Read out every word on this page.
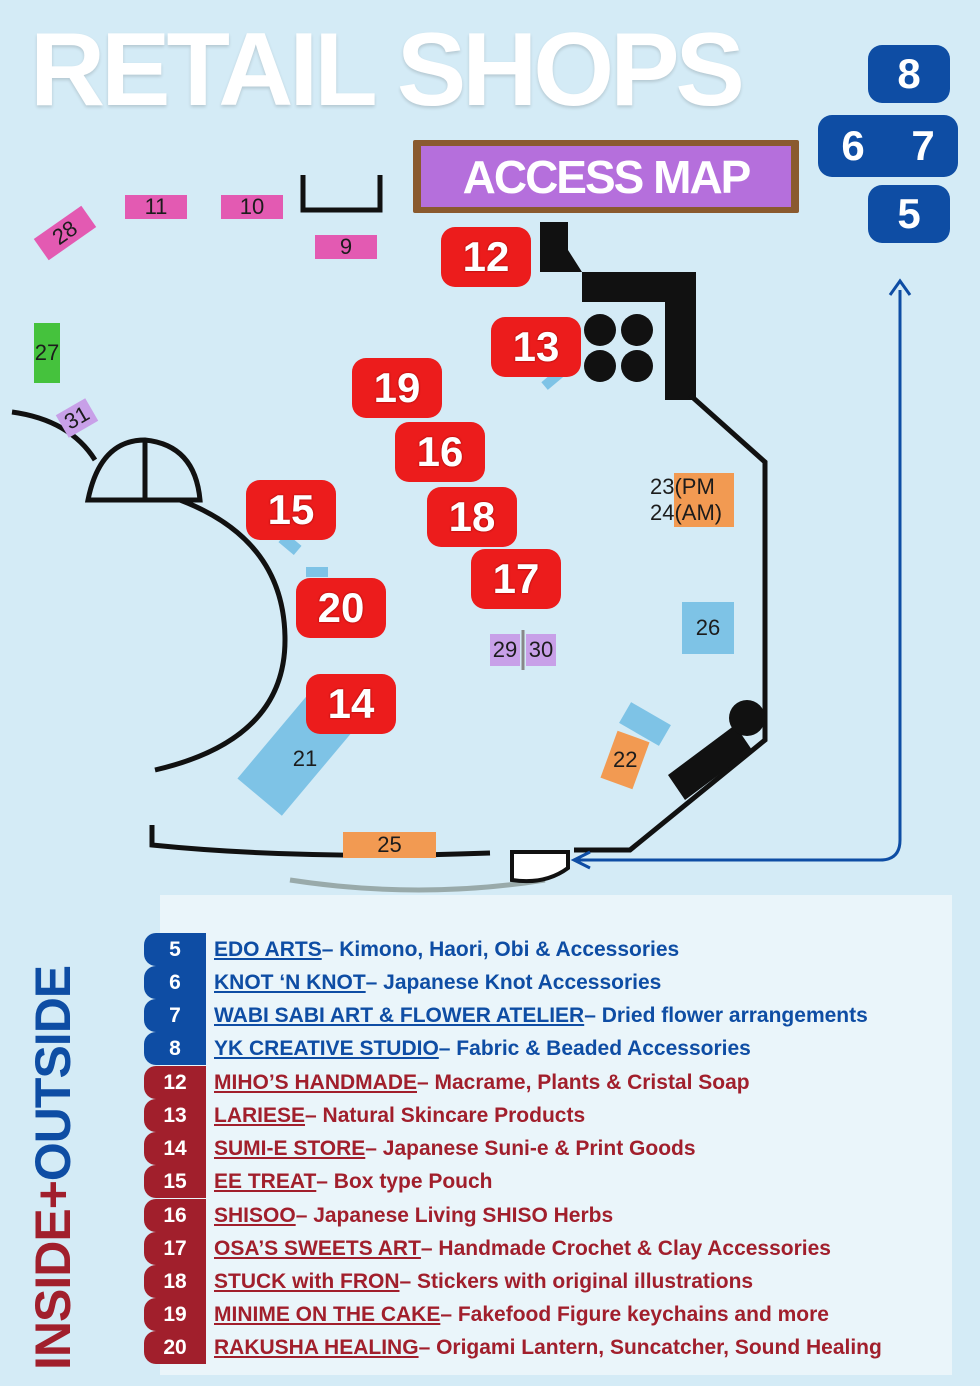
RETAIL SHOPS
ACCESS MAP
8
6 7
5
28
11	10
9
27
31
23(PM
24(AM)
26
29 30
22
21
25
12
13
19
16
15	18
17
20
14
INSIDE
+
OUTSIDE
5	EDO ARTS – Kimono, Haori, Obi & Accessories
6	KNOT ‘N KNOT – Japanese Knot Accessories
7	WABI SABI ART & FLOWER ATELIER – Dried flower arrangements
8	YK CREATIVE STUDIO – Fabric & Beaded Accessories
12	MIHO’S HANDMADE – Macrame, Plants & Cristal Soap
13	LARIESE – Natural Skincare Products
14	SUMI-E STORE – Japanese Suni-e & Print Goods
15	EE TREAT – Box type Pouch
16	SHISOO – Japanese Living SHISO Herbs
17	OSA’S SWEETS ART – Handmade Crochet & Clay Accessories
18	STUCK with FRON – Stickers with original illustrations
19	MINIME ON THE CAKE – Fakefood Figure keychains and more
20	RAKUSHA HEALING – Origami Lantern, Suncatcher, Sound Healing
